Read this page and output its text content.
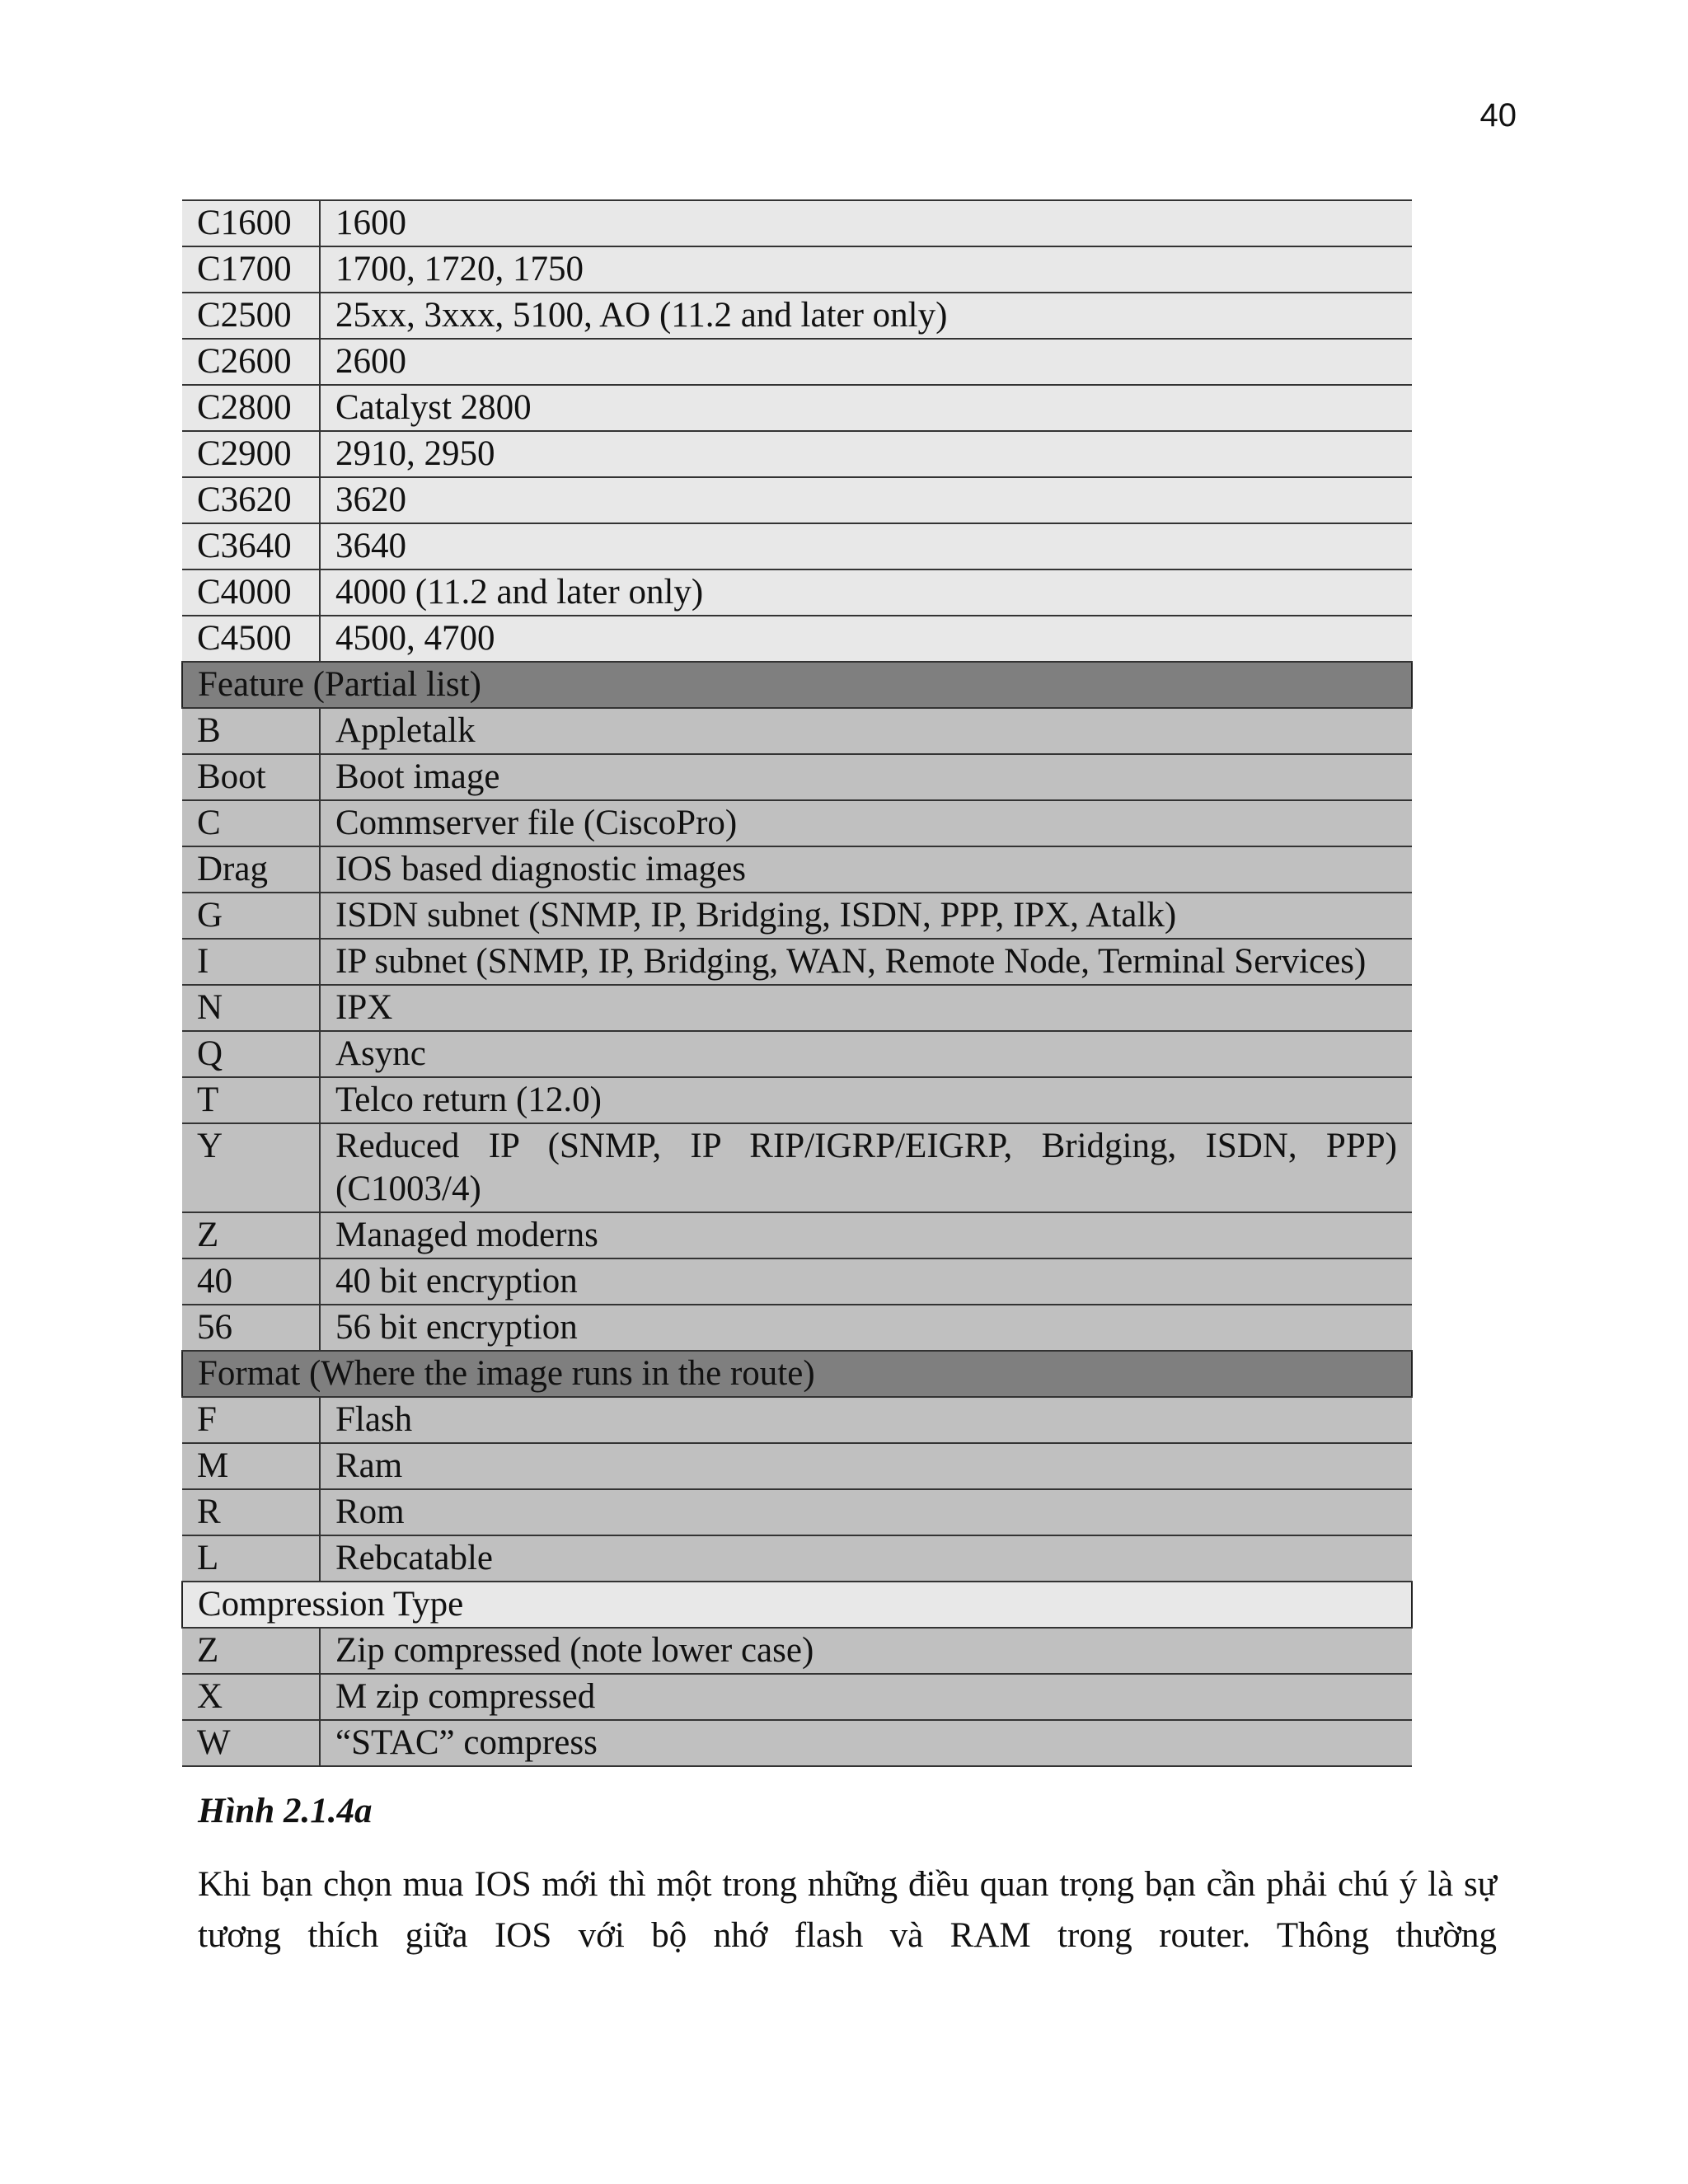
40
C1600	1600
C1700	1700, 1720, 1750
C2500	25xx, 3xxx, 5100, AO (11.2 and later only)
C2600	2600
C2800	Catalyst 2800
C2900	2910, 2950
C3620	3620
C3640	3640
C4000	4000 (11.2 and later only)
C4500	4500, 4700
Feature (Partial list)	
B	Appletalk
Boot	Boot image
C	Commserver file (CiscoPro)
Drag	IOS based diagnostic images
G	ISDN subnet (SNMP, IP, Bridging, ISDN, PPP, IPX, Atalk)
I	IP subnet (SNMP, IP, Bridging, WAN, Remote Node, Terminal Services)
N	IPX
Q	Async
T	Telco return (12.0)
Y	Reduced IP (SNMP, IP RIP/IGRP/EIGRP, Bridging, ISDN, PPP) (C1003/4)
Z	Managed moderns
40	40 bit encryption
56	56 bit encryption
Format (Where the image runs in the route)	
F	Flash
M	Ram
R	Rom
L	Rebcatable
Compression Type	
Z	Zip compressed (note lower case)
X	M zip compressed
W	“STAC” compress
Hình 2.1.4a

Khi bạn chọn mua IOS mới thì một trong những điều quan trọng bạn cần phải chú ý là sự tương thích giữa IOS với bộ nhớ flash và RAM trong router. Thông thường
